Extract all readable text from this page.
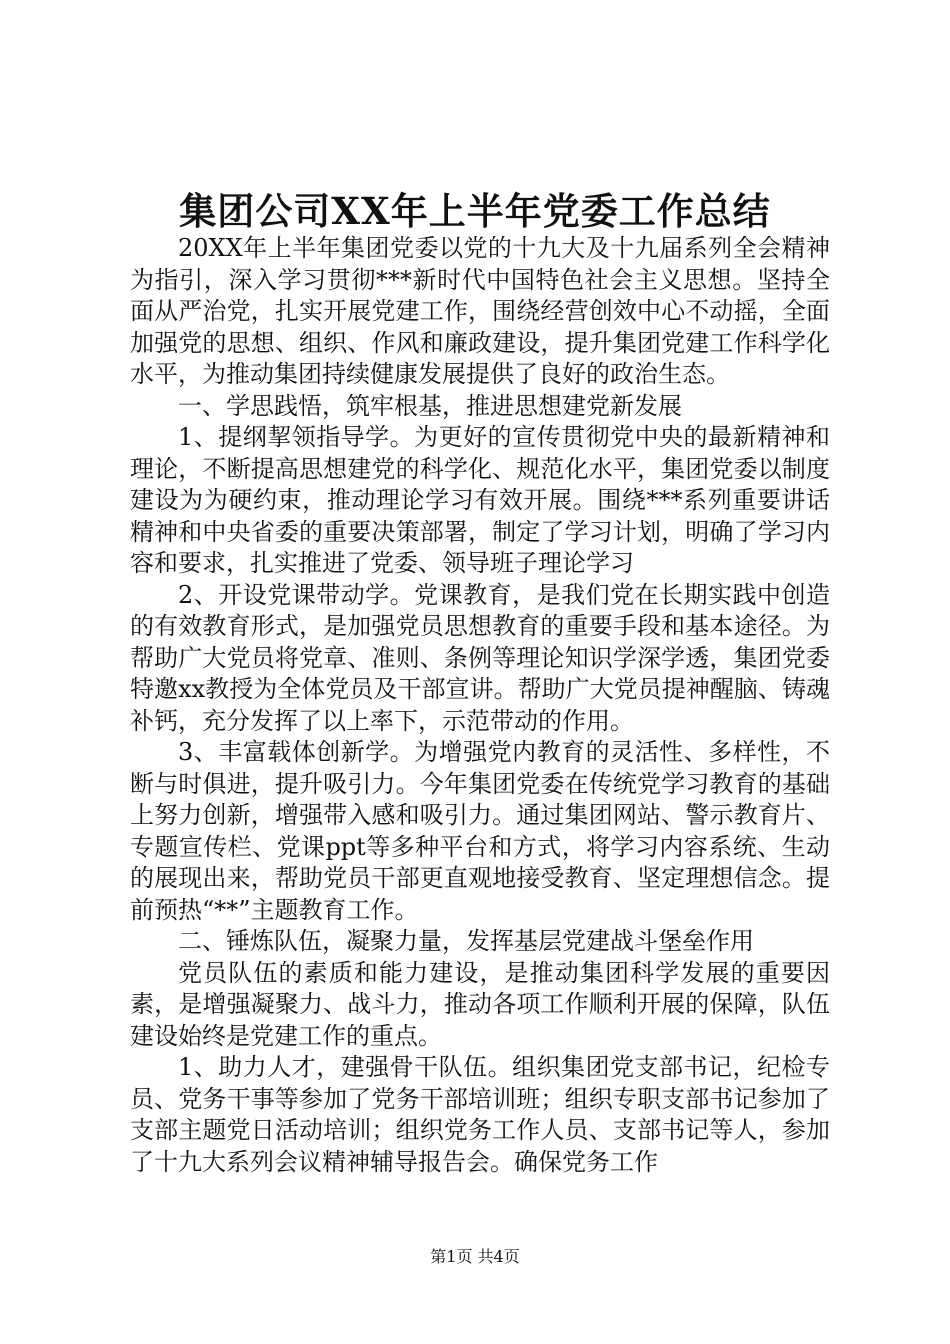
集团公司XX年上半年党委工作总结

20XX年上半年集团党委以党的十九大及十九届系列全会精神为指引，深入学习贯彻***新时代中国特色社会主义思想。坚持全面从严治党，扎实开展党建工作，围绕经营创效中心不动摇，全面加强党的思想、组织、作风和廉政建设，提升集团党建工作科学化水平，为推动集团持续健康发展提供了良好的政治生态。

一、学思践悟，筑牢根基，推进思想建党新发展

1、提纲挈领指导学。为更好的宣传贯彻党中央的最新精神和理论，不断提高思想建党的科学化、规范化水平，集团党委以制度建设为为硬约束，推动理论学习有效开展。围绕***系列重要讲话精神和中央省委的重要决策部署，制定了学习计划，明确了学习内容和要求，扎实推进了党委、领导班子理论学习

2、开设党课带动学。党课教育，是我们党在长期实践中创造的有效教育形式，是加强党员思想教育的重要手段和基本途径。为帮助广大党员将党章、准则、条例等理论知识学深学透，集团党委特邀xx教授为全体党员及干部宣讲。帮助广大党员提神醒脑、铸魂补钙，充分发挥了以上率下，示范带动的作用。

3、丰富载体创新学。为增强党内教育的灵活性、多样性，不断与时俱进，提升吸引力。今年集团党委在传统党学习教育的基础上努力创新，增强带入感和吸引力。通过集团网站、警示教育片、专题宣传栏、党课ppt等多种平台和方式，将学习内容系统、生动的展现出来，帮助党员干部更直观地接受教育、坚定理想信念。提前预热“**”主题教育工作。

二、锤炼队伍，凝聚力量，发挥基层党建战斗堡垒作用

党员队伍的素质和能力建设，是推动集团科学发展的重要因素，是增强凝聚力、战斗力，推动各项工作顺利开展的保障，队伍建设始终是党建工作的重点。

1、助力人才，建强骨干队伍。组织集团党支部书记，纪检专员、党务干事等参加了党务干部培训班；组织专职支部书记参加了支部主题党日活动培训；组织党务工作人员、支部书记等人，参加了十九大系列会议精神辅导报告会。确保党务工作

第1页 共4页
